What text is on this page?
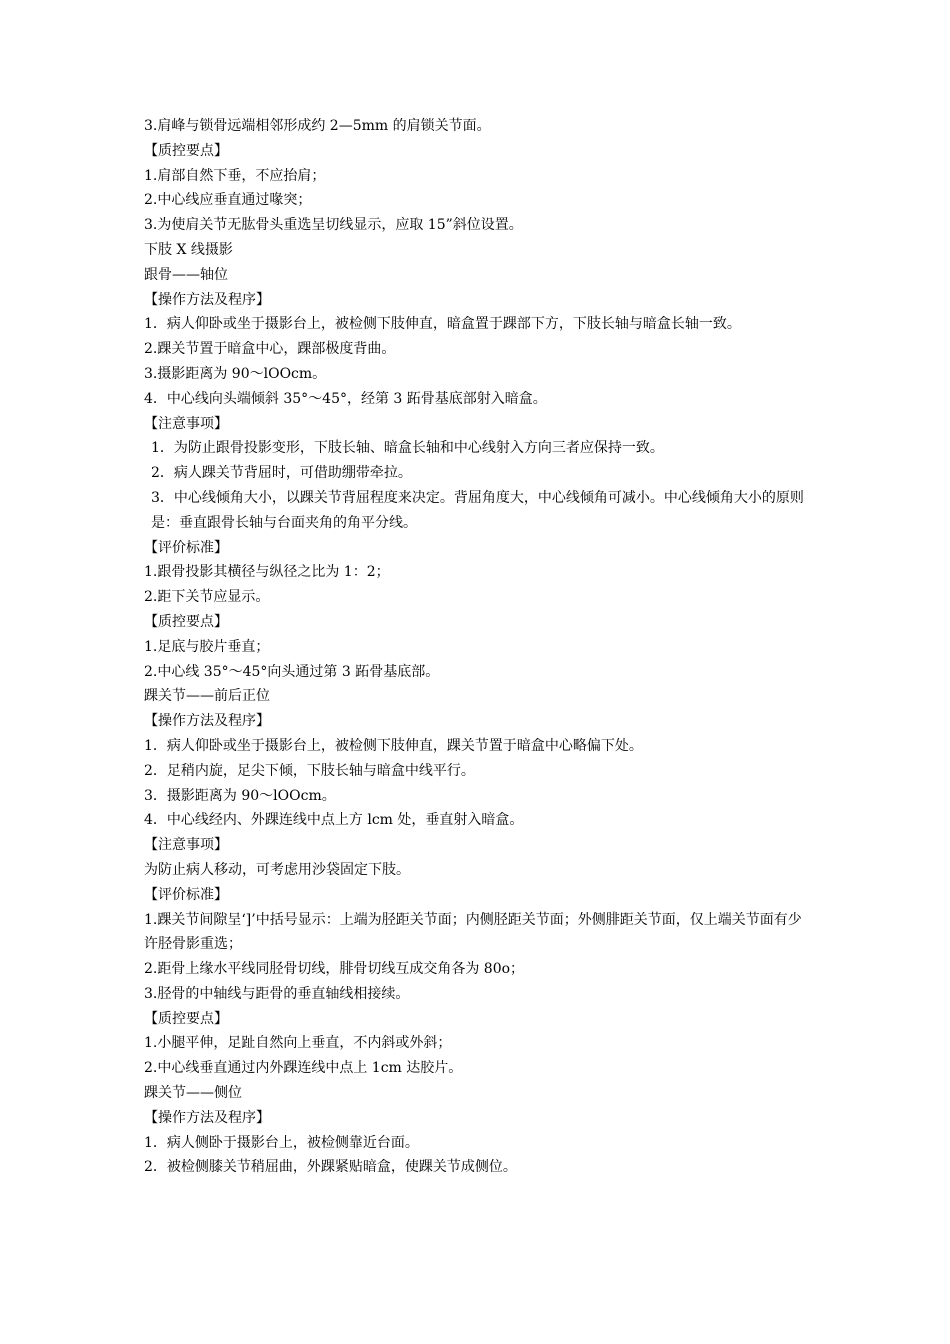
3.肩峰与锁骨远端相邻形成约 2—5mm 的肩锁关节面。
【质控要点】
1.肩部自然下垂，不应抬肩；
2.中心线应垂直通过喙突；
3.为使肩关节无肱骨头重选呈切线显示，应取 15”斜位设置。
下肢 X 线摄影
跟骨——轴位
【操作方法及程序】
1．病人仰卧或坐于摄影台上，被检侧下肢伸直，暗盒置于踝部下方，下肢长轴与暗盒长轴一致。
2.踝关节置于暗盒中心，踝部极度背曲。
3.摄影距离为 90～lOOcm。
4．中心线向头端倾斜 35°～45°，经第 3 跖骨基底部射入暗盒。
【注意事项】
1．为防止跟骨投影变形，下肢长轴、暗盒长轴和中心线射入方向三者应保持一致。
2．病人踝关节背屈时，可借助绷带牵拉。
3．中心线倾角大小，以踝关节背屈程度来决定。背屈角度大，中心线倾角可减小。中心线倾角大小的原则是：垂直跟骨长轴与台面夹角的角平分线。
【评价标准】
1.跟骨投影其横径与纵径之比为 1：2；
2.距下关节应显示。
【质控要点】
1.足底与胶片垂直；
2.中心线 35°～45°向头通过第 3 跖骨基底部。
踝关节——前后正位
【操作方法及程序】
1．病人仰卧或坐于摄影台上，被检侧下肢伸直，踝关节置于暗盒中心略偏下处。
2．足稍内旋，足尖下倾，下肢长轴与暗盒中线平行。
3．摄影距离为 90～lOOcm。
4．中心线经内、外踝连线中点上方 lcm 处，垂直射入暗盒。
【注意事项】
为防止病人移动，可考虑用沙袋固定下肢。
【评价标准】
1.踝关节间隙呈‘]’中括号显示：上端为胫距关节面；内侧胫距关节面；外侧腓距关节面，仅上端关节面有少许胫骨影重选；
2.距骨上缘水平线同胫骨切线，腓骨切线互成交角各为 80o；
3.胫骨的中轴线与距骨的垂直轴线相接续。
【质控要点】
1.小腿平伸，足趾自然向上垂直，不内斜或外斜；
2.中心线垂直通过内外踝连线中点上 1cm 达胶片。
踝关节——侧位
【操作方法及程序】
1．病人侧卧于摄影台上，被检侧靠近台面。
2．被检侧膝关节稍屈曲，外踝紧贴暗盒，使踝关节成侧位。
